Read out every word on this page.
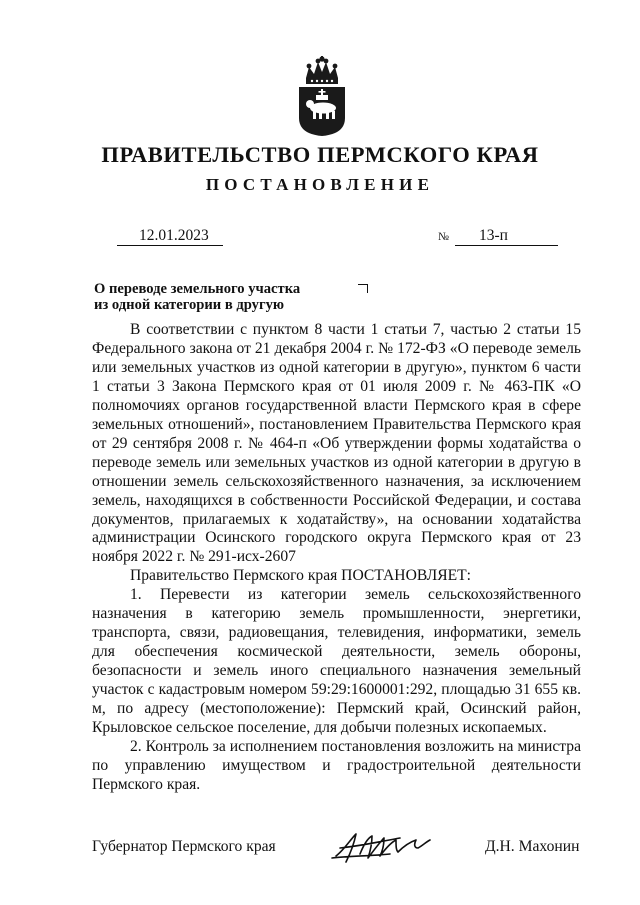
ПРАВИТЕЛЬСТВО ПЕРМСКОГО КРАЯ
ПОСТАНОВЛЕНИЕ
12.01.2023	№	13-п
О переводе земельного участка
из одной категории в другую

В соответствии с пунктом 8 части 1 статьи 7, частью 2 статьи 15 Федерального закона от 21 декабря 2004 г. № 172-ФЗ «О переводе земель или земельных участков из одной категории в другую», пунктом 6 части 1 статьи 3 Закона Пермского края от 01 июля 2009 г. № 463-ПК «О полномочиях органов государственной власти Пермского края в сфере земельных отношений», постановлением Правительства Пермского края от 29 сентября 2008 г. № 464-п «Об утверждении формы ходатайства о переводе земель или земельных участков из одной категории в другую в отношении земель сельскохозяйственного назначения, за исключением земель, находящихся в собственности Российской Федерации, и состава документов, прилагаемых к ходатайству», на основании ходатайства администрации Осинского городского округа Пермского края от 23 ноября 2022 г. № 291-исх-2607

Правительство Пермского края ПОСТАНОВЛЯЕТ:

1. Перевести из категории земель сельскохозяйственного назначения в категорию земель промышленности, энергетики, транспорта, связи, радиовещания, телевидения, информатики, земель для обеспечения космической деятельности, земель обороны, безопасности и земель иного специального назначения земельный участок с кадастровым номером 59:29:1600001:292, площадью 31 655 кв. м, по адресу (местоположение): Пермский край, Осинский район, Крыловское сельское поселение, для добычи полезных ископаемых.

2. Контроль за исполнением постановления возложить на министра по управлению имуществом и градостроительной деятельности Пермского края.

Губернатор Пермского края	Д.Н. Махонин
